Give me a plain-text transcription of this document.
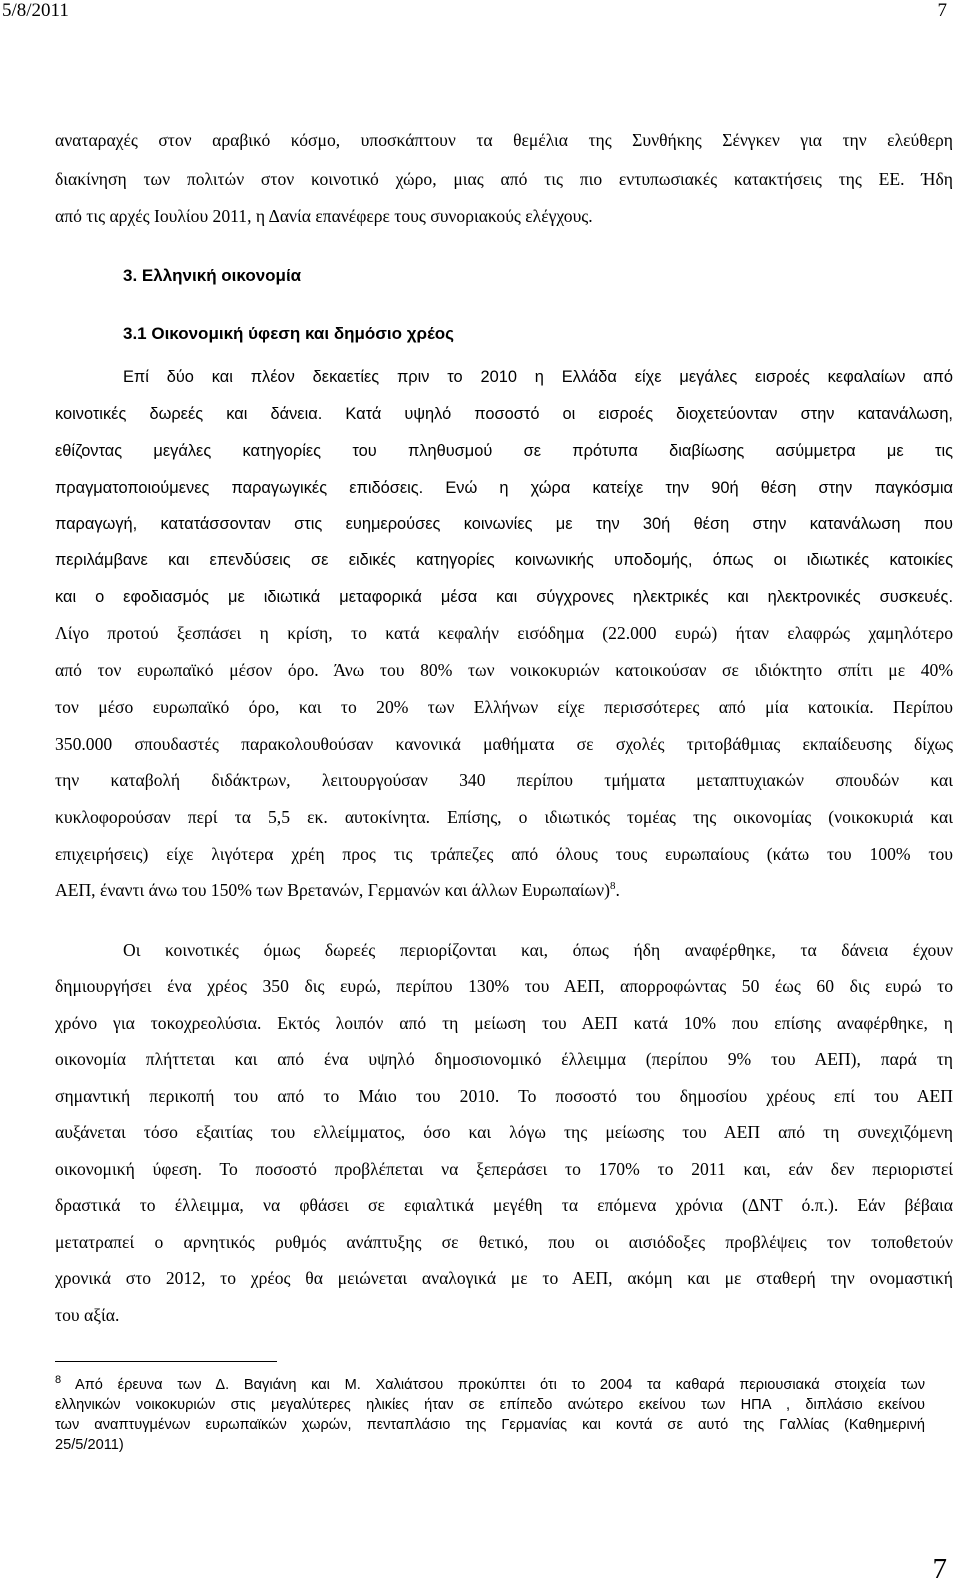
5/8/2011	7
αναταραχές στον αραβικό κόσμο, υποσκάπτουν τα θεμέλια της Συνθήκης Σένγκεν για την ελεύθερη
διακίνηση των πολιτών στον κοινοτικό χώρο, μιας από τις πιο εντυπωσιακές κατακτήσεις της ΕΕ. Ήδη
από τις αρχές Ιουλίου 2011, η Δανία επανέφερε τους συνοριακούς ελέγχους.
3. Ελληνική οικονομία
3.1 Οικονομική ύφεση και δημόσιο χρέος
Επί δύο και πλέον δεκαετίες πριν το 2010 η Ελλάδα είχε μεγάλες εισροές κεφαλαίων από
κοινοτικές δωρεές και δάνεια. Κατά υψηλό ποσοστό οι εισροές διοχετεύονταν στην κατανάλωση,
εθίζοντας μεγάλες κατηγορίες του πληθυσμού σε πρότυπα διαβίωσης ασύμμετρα με τις
πραγματοποιούμενες παραγωγικές επιδόσεις. Ενώ η χώρα κατείχε την 90ή θέση στην παγκόσμια
παραγωγή, κατατάσσονταν στις ευημερούσες κοινωνίες με την 30ή θέση στην κατανάλωση που
περιλάμβανε και επενδύσεις σε ειδικές κατηγορίες κοινωνικής υποδομής, όπως οι ιδιωτικές κατοικίες
και ο εφοδιασμός με ιδιωτικά μεταφορικά μέσα και σύγχρονες ηλεκτρικές και ηλεκτρονικές συσκευές.
Λίγο προτού ξεσπάσει η κρίση, το κατά κεφαλήν εισόδημα (22.000 ευρώ) ήταν ελαφρώς χαμηλότερο
από τον ευρωπαϊκό μέσον όρο. Άνω του 80% των νοικοκυριών κατοικούσαν σε ιδιόκτητο σπίτι με 40%
τον μέσο ευρωπαϊκό όρο, και το 20% των Ελλήνων είχε περισσότερες από μία κατοικία. Περίπου
350.000 σπουδαστές παρακολουθούσαν κανονικά μαθήματα σε σχολές τριτοβάθμιας εκπαίδευσης δίχως
την καταβολή διδάκτρων, λειτουργούσαν 340 περίπου τμήματα μεταπτυχιακών σπουδών και
κυκλοφορούσαν περί τα 5,5 εκ. αυτοκίνητα. Επίσης, ο ιδιωτικός τομέας της οικονομίας (νοικοκυριά και
επιχειρήσεις) είχε λιγότερα χρέη προς τις τράπεζες από όλους τους ευρωπαίους (κάτω του 100% του
ΑΕΠ, έναντι άνω του 150% των Βρετανών, Γερμανών και άλλων Ευρωπαίων)$^8$.
Οι κοινοτικές όμως δωρεές περιορίζονται και, όπως ήδη αναφέρθηκε, τα δάνεια έχουν
δημιουργήσει ένα χρέος 350 δις ευρώ, περίπου 130% του ΑΕΠ, απορροφώντας 50 έως 60 δις ευρώ το
χρόνο για τοκοχρεολύσια. Εκτός λοιπόν από τη μείωση του ΑΕΠ κατά 10% που επίσης αναφέρθηκε, η
οικονομία πλήττεται και από ένα υψηλό δημοσιονομικό έλλειμμα (περίπου 9% του ΑΕΠ), παρά τη
σημαντική περικοπή του από το Μάιο του 2010. Το ποσοστό του δημοσίου χρέους επί του ΑΕΠ
αυξάνεται τόσο εξαιτίας του ελλείμματος, όσο και λόγω της μείωσης του ΑΕΠ από τη συνεχιζόμενη
οικονομική ύφεση. Το ποσοστό προβλέπεται να ξεπεράσει το 170% το 2011 και, εάν δεν περιοριστεί
δραστικά το έλλειμμα, να φθάσει σε εφιαλτικά μεγέθη τα επόμενα χρόνια (ΔΝΤ ό.π.). Εάν βέβαια
μετατραπεί ο αρνητικός ρυθμός ανάπτυξης σε θετικό, που οι αισιόδοξες προβλέψεις τον τοποθετούν
χρονικά στο 2012, το χρέος θα μειώνεται αναλογικά με το ΑΕΠ, ακόμη και με σταθερή την ονομαστική
του αξία.
$^8$ Από έρευνα των Δ. Βαγιάνη και Μ. Χαλιάτσου προκύπτει ότι το 2004 τα καθαρά περιουσιακά στοιχεία των
ελληνικών νοικοκυριών στις μεγαλύτερες ηλικίες ήταν σε επίπεδο ανώτερο εκείνου των ΗΠΑ , διπλάσιο εκείνου
των αναπτυγμένων ευρωπαϊκών χωρών, πενταπλάσιο της Γερμανίας και κοντά σε αυτό της Γαλλίας (Καθημερινή
25/5/2011)
7
